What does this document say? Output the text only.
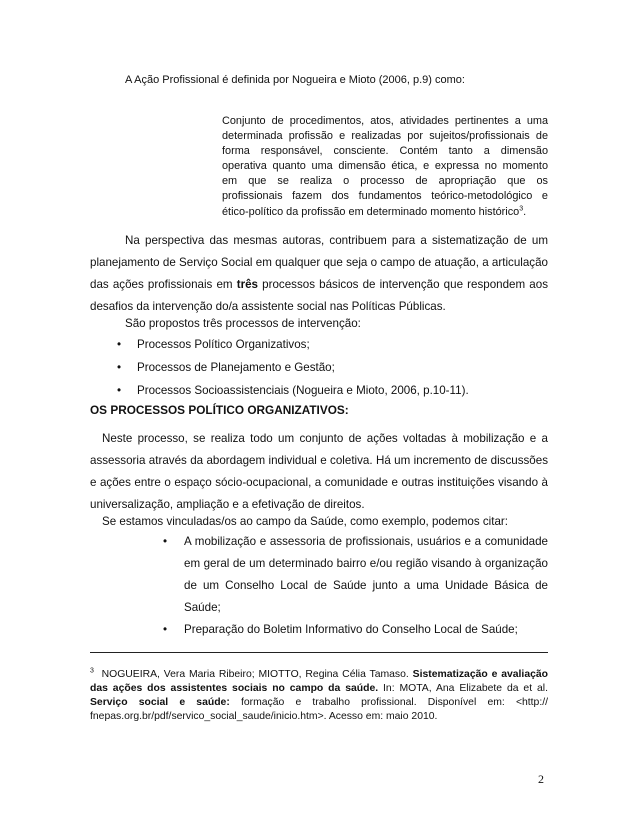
A Ação Profissional é definida por Nogueira e Mioto (2006, p.9) como:
Conjunto de procedimentos, atos, atividades pertinentes a uma
determinada profissão e realizadas por sujeitos/profissionais de
forma responsável, consciente. Contém tanto a dimensão
operativa quanto uma dimensão ética, e expressa no momento
em que se realiza o processo de apropriação que os
profissionais fazem dos fundamentos teórico-metodológico e
ético-político da profissão em determinado momento histórico$^3$.
Na perspectiva das mesmas autoras, contribuem para a sistematização de um
planejamento de Serviço Social em qualquer que seja o campo de atuação, a articulação
das ações profissionais em três processos básicos de intervenção que respondem aos
desafios da intervenção do/a assistente social nas Políticas Públicas.
São propostos três processos de intervenção:
• Processos Político Organizativos;
• Processos de Planejamento e Gestão;
• Processos Socioassistenciais (Nogueira e Mioto, 2006, p.10-11).
OS PROCESSOS POLÍTICO ORGANIZATIVOS:
Neste processo, se realiza todo um conjunto de ações voltadas à mobilização e a
assessoria através da abordagem individual e coletiva. Há um incremento de discussões
e ações entre o espaço sócio-ocupacional, a comunidade e outras instituições visando à
universalização, ampliação e a efetivação de direitos.
Se estamos vinculadas/os ao campo da Saúde, como exemplo, podemos citar:
• A mobilização e assessoria de profissionais, usuários e a comunidade
em geral de um determinado bairro e/ou região visando à organização
de um Conselho Local de Saúde junto a uma Unidade Básica de
Saúde;
• Preparação do Boletim Informativo do Conselho Local de Saúde;
$^3$ NOGUEIRA, Vera Maria Ribeiro; MIOTTO, Regina Célia Tamaso. Sistematização e avaliação
das ações dos assistentes sociais no campo da saúde. In: MOTA, Ana Elizabete da et al.
Serviço social e saúde: formação e trabalho profissional. Disponível em: <http://
fnepas.org.br/pdf/servico_social_saude/inicio.htm>. Acesso em: maio 2010.
2
